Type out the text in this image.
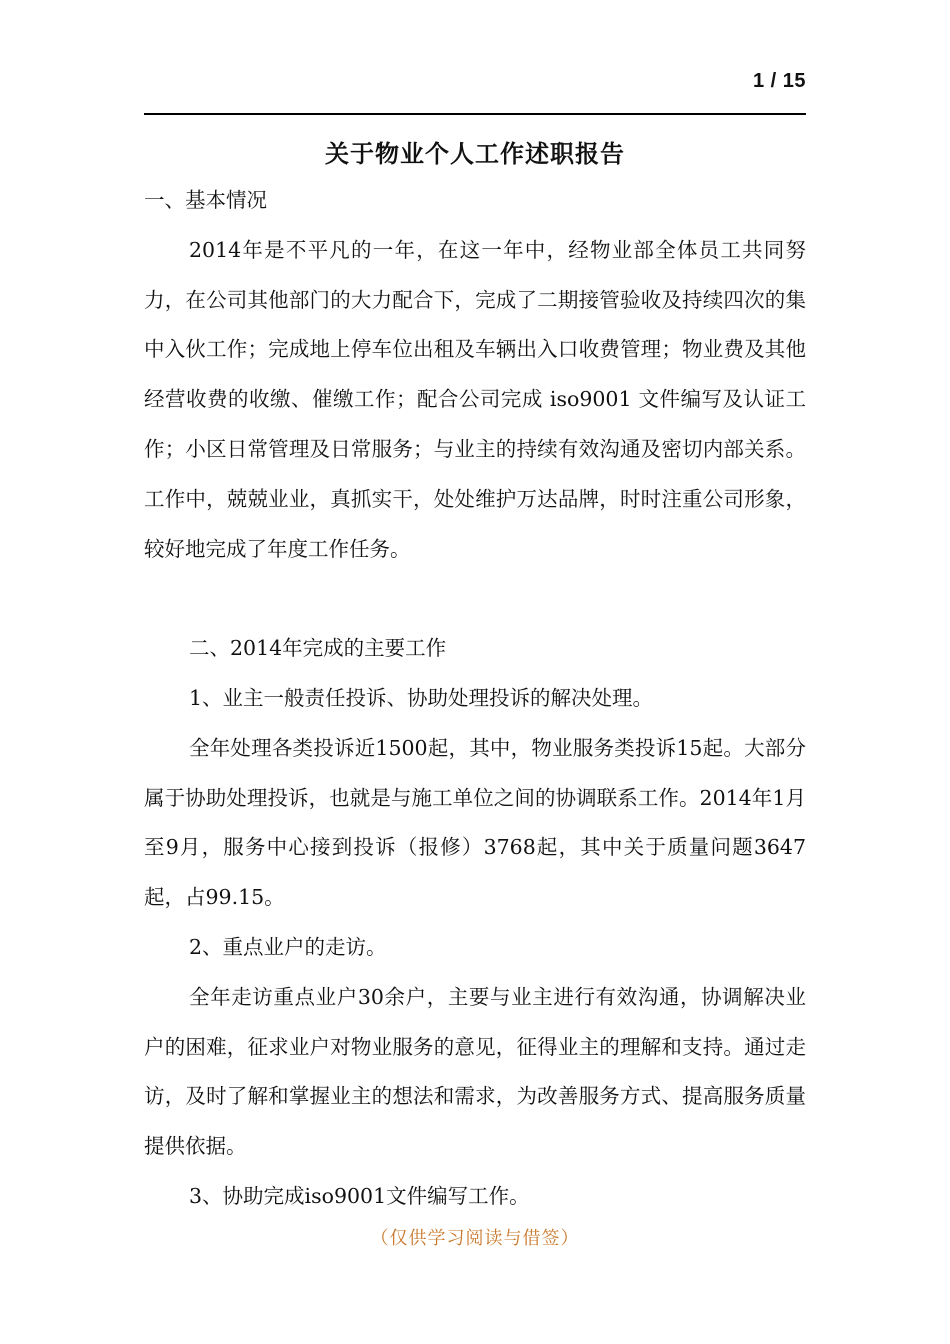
1 / 15
关于物业个人工作述职报告

一、基本情况

2014年是不平凡的一年，在这一年中，经物业部全体员工共同努力，在公司其他部门的大力配合下，完成了二期接管验收及持续四次的集中入伙工作；完成地上停车位出租及车辆出入口收费管理；物业费及其他经营收费的收缴、催缴工作；配合公司完成 iso9001 文件编写及认证工作；小区日常管理及日常服务；与业主的持续有效沟通及密切内部关系。工作中，兢兢业业，真抓实干，处处维护万达品牌，时时注重公司形象，较好地完成了年度工作任务。

二、2014年完成的主要工作

1、业主一般责任投诉、协助处理投诉的解决处理。

全年处理各类投诉近1500起，其中，物业服务类投诉15起。大部分属于协助处理投诉，也就是与施工单位之间的协调联系工作。2014年1月至9月，服务中心接到投诉（报修）3768起，其中关于质量问题3647起，占99.15。

2、重点业户的走访。

全年走访重点业户30余户，主要与业主进行有效沟通，协调解决业户的困难，征求业户对物业服务的意见，征得业主的理解和支持。通过走访，及时了解和掌握业主的想法和需求，为改善服务方式、提高服务质量提供依据。

3、协助完成iso9001文件编写工作。

（仅供学习阅读与借签）
